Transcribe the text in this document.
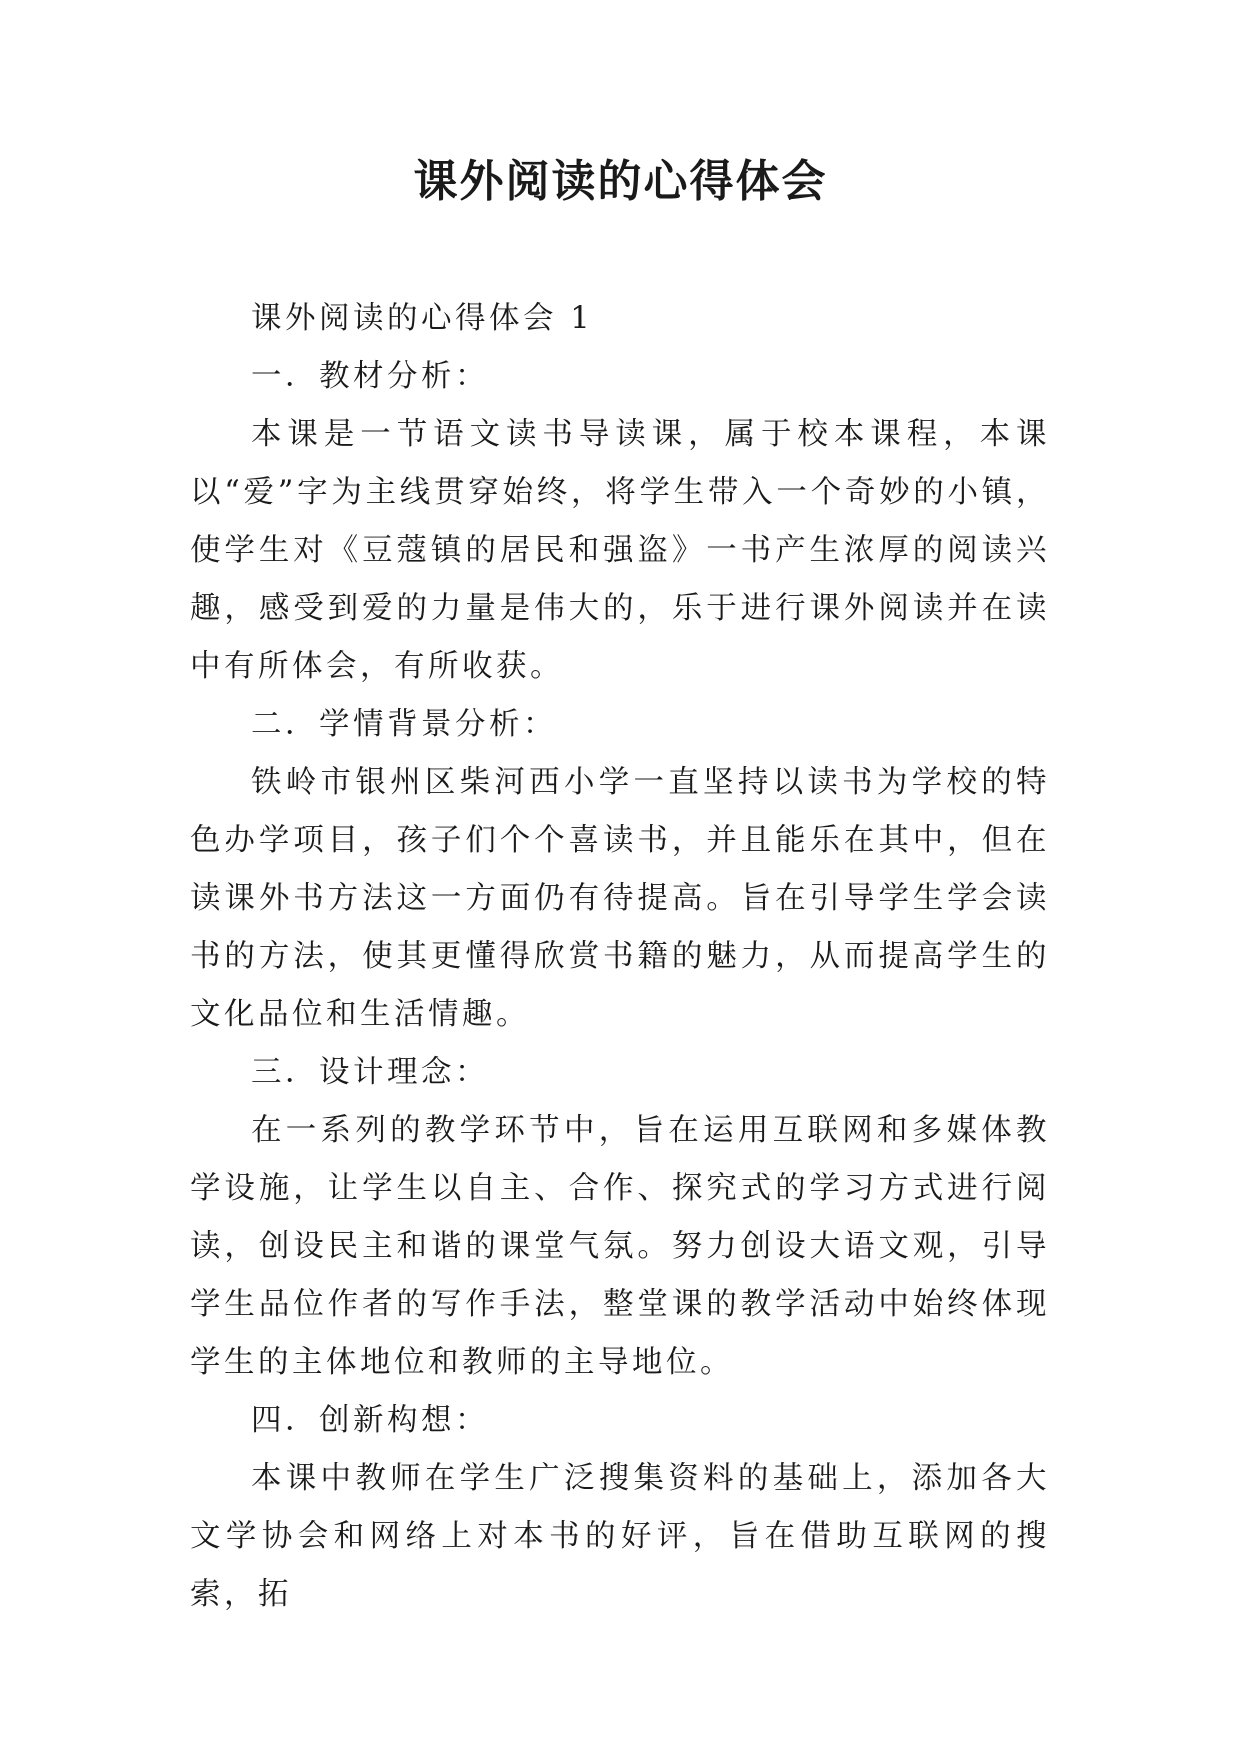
课外阅读的心得体会

课外阅读的心得体会 1

一．教材分析：

本课是一节语文读书导读课，属于校本课程，本课以“爱”字为主线贯穿始终，将学生带入一个奇妙的小镇，使学生对《豆蔻镇的居民和强盗》一书产生浓厚的阅读兴趣，感受到爱的力量是伟大的，乐于进行课外阅读并在读中有所体会，有所收获。

二．学情背景分析：

铁岭市银州区柴河西小学一直坚持以读书为学校的特色办学项目，孩子们个个喜读书，并且能乐在其中，但在读课外书方法这一方面仍有待提高。旨在引导学生学会读书的方法，使其更懂得欣赏书籍的魅力，从而提高学生的文化品位和生活情趣。

三．设计理念：

在一系列的教学环节中，旨在运用互联网和多媒体教学设施，让学生以自主、合作、探究式的学习方式进行阅读，创设民主和谐的课堂气氛。努力创设大语文观，引导学生品位作者的写作手法，整堂课的教学活动中始终体现学生的主体地位和教师的主导地位。

四．创新构想：

本课中教师在学生广泛搜集资料的基础上，添加各大文学协会和网络上对本书的好评，旨在借助互联网的搜索，拓
